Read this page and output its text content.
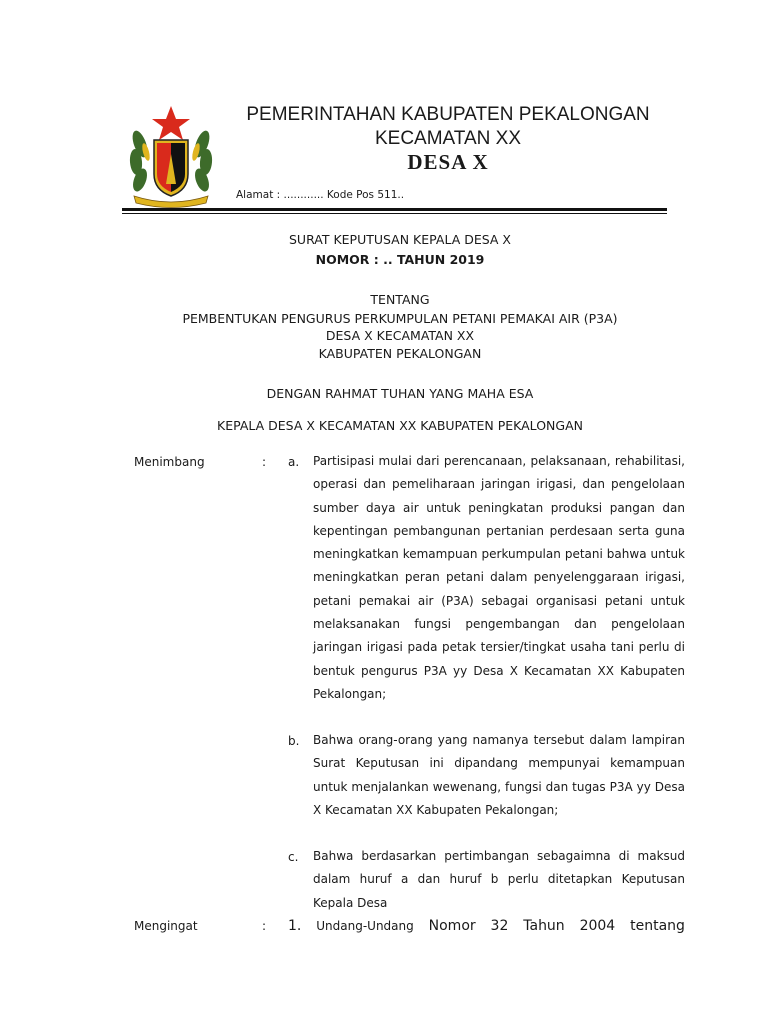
PEMERINTAHAN KABUPATEN PEKALONGAN
KECAMATAN XX
DESA X
Alamat : ............ Kode Pos 511..
SURAT KEPUTUSAN KEPALA DESA X
NOMOR : .. TAHUN 2019
TENTANG
PEMBENTUKAN PENGURUS PERKUMPULAN PETANI PEMAKAI AIR (P3A)
DESA X KECAMATAN XX
KABUPATEN PEKALONGAN
DENGAN RAHMAT TUHAN YANG MAHA ESA
KEPALA DESA X KECAMATAN XX KABUPATEN PEKALONGAN
Menimbang	: a. Partisipasi mulai dari perencanaan, pelaksanaan, rehabilitasi, operasi dan pemeliharaan jaringan irigasi, dan pengelolaan sumber daya air untuk peningkatan produksi pangan dan kepentingan pembangunan pertanian perdesaan serta guna meningkatkan kemampuan perkumpulan petani bahwa untuk meningkatkan peran petani dalam penyelenggaraan irigasi, petani pemakai air (P3A) sebagai organisasi petani untuk melaksanakan fungsi pengembangan dan pengelolaan jaringan irigasi pada petak tersier/tingkat usaha tani perlu di bentuk pengurus P3A yy Desa X Kecamatan XX Kabupaten Pekalongan;
b. Bahwa orang-orang yang namanya tersebut dalam lampiran Surat Keputusan ini dipandang mempunyai kemampuan untuk menjalankan wewenang, fungsi dan tugas P3A yy Desa X Kecamatan XX Kabupaten Pekalongan;
c. Bahwa berdasarkan pertimbangan sebagaimna di maksud dalam huruf a dan huruf b perlu ditetapkan Keputusan Kepala Desa
Mengingat	: 1. Undang-Undang Nomor 32 Tahun 2004 tentang
